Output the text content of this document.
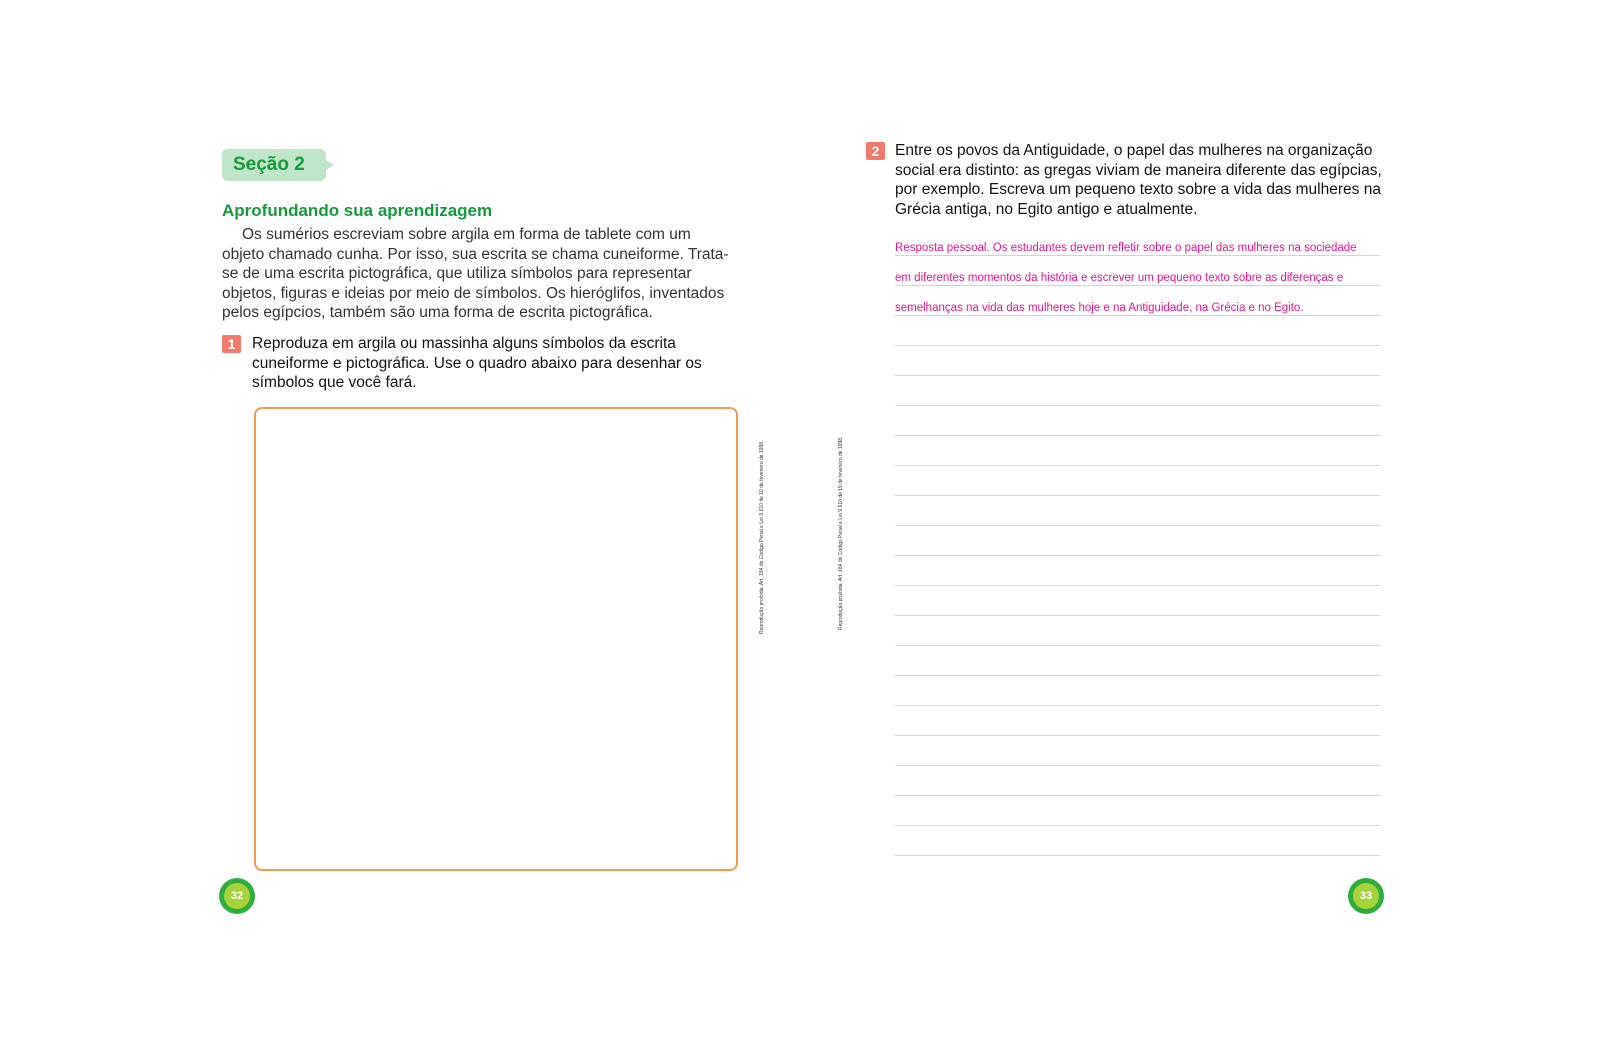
Seção 2
Aprofundando sua aprendizagem

Os sumérios escreviam sobre argila em forma de tablete com um objeto chamado cunha. Por isso, sua escrita se chama cuneiforme. Trata-se de uma escrita pictográfica, que utiliza símbolos para representar objetos, figuras e ideias por meio de símbolos. Os hieróglifos, inventados pelos egípcios, também são uma forma de escrita pictográfica.

1	Reproduza em argila ou massinha alguns símbolos da escrita cuneiforme e pictográfica. Use o quadro abaixo para desenhar os símbolos que você fará.

Reprodução proibida. Art. 184 do Código Penal e Lei 9.610 de 19 de fevereiro de 1998.
32
Reprodução proibida. Art. 184 do Código Penal e Lei 9.610 de 19 de fevereiro de 1998.
2	Entre os povos da Antiguidade, o papel das mulheres na organização social era distinto: as gregas viviam de maneira diferente das egípcias, por exemplo. Escreva um pequeno texto sobre a vida das mulheres na Grécia antiga, no Egito antigo e atualmente.

Resposta pessoal. Os estudantes devem refletir sobre o papel das mulheres na sociedade
em diferentes momentos da história e escrever um pequeno texto sobre as diferenças e
semelhanças na vida das mulheres hoje e na Antiguidade, na Grécia e no Egito.
33
